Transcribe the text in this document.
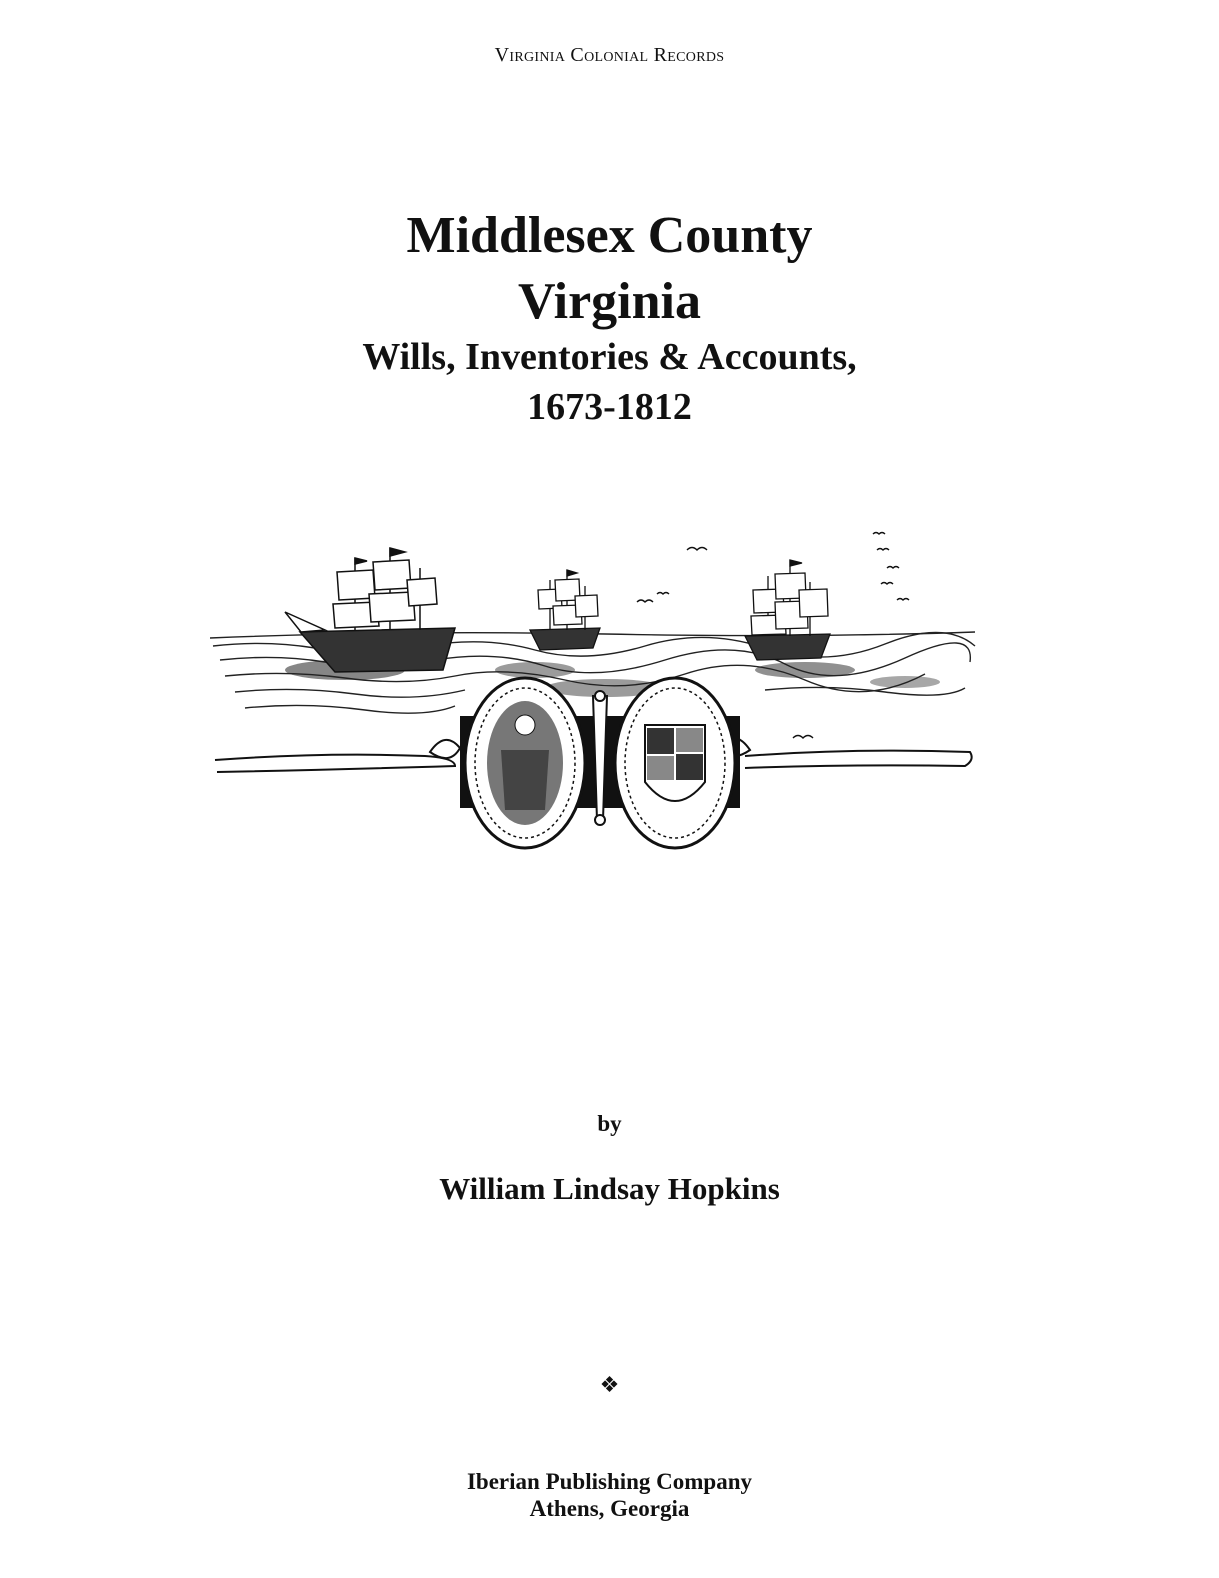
Virginia Colonial Records
Middlesex County
Virginia
Wills, Inventories & Accounts,
1673-1812
by
William Lindsay Hopkins
❖
Iberian Publishing Company
Athens, Georgia
